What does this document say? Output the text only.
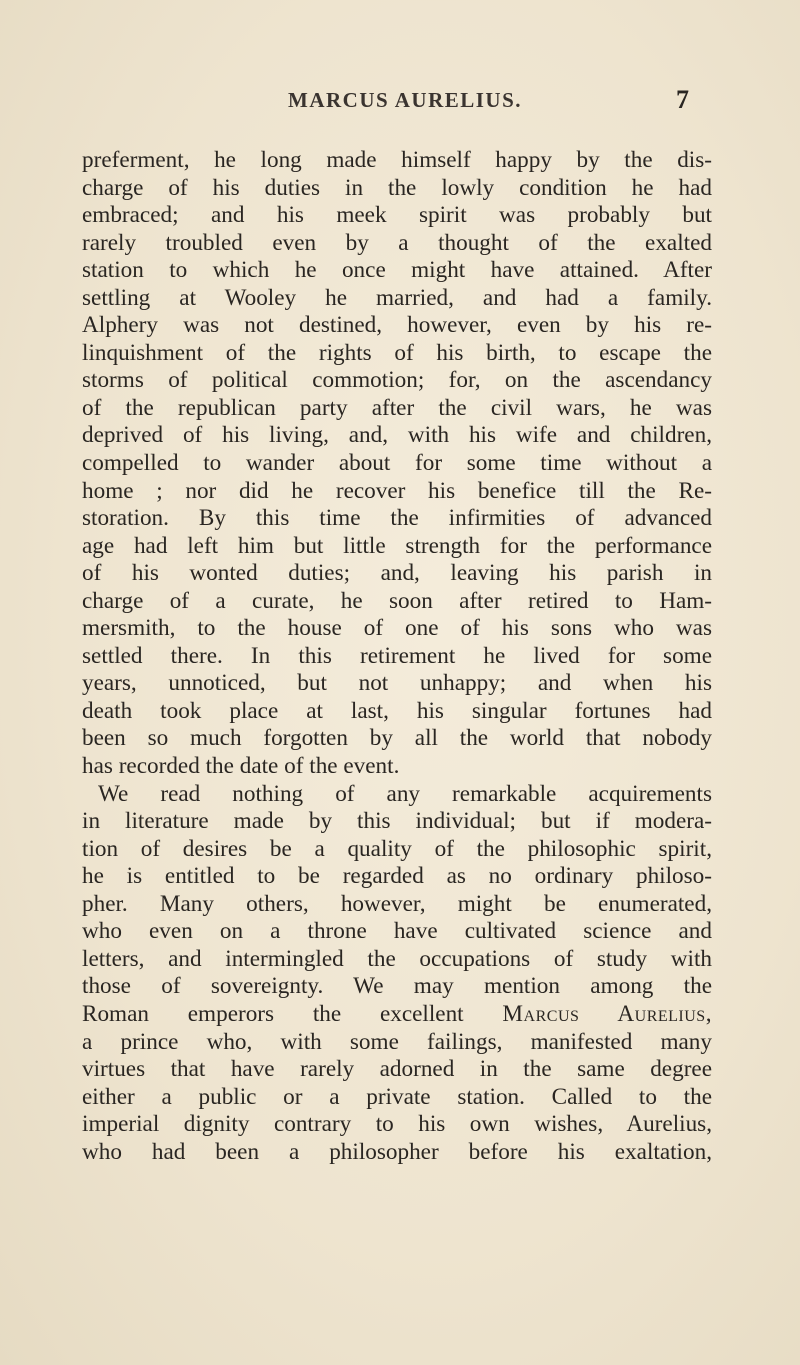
MARCUS AURELIUS.	7
preferment, he long made himself happy by the dis-
charge of his duties in the lowly condition he had
embraced; and his meek spirit was probably but
rarely troubled even by a thought of the exalted
station to which he once might have attained. After
settling at Wooley he married, and had a family.
Alphery was not destined, however, even by his re-
linquishment of the rights of his birth, to escape the
storms of political commotion; for, on the ascendancy
of the republican party after the civil wars, he was
deprived of his living, and, with his wife and children,
compelled to wander about for some time without a
home ; nor did he recover his benefice till the Re-
storation. By this time the infirmities of advanced
age had left him but little strength for the performance
of his wonted duties; and, leaving his parish in
charge of a curate, he soon after retired to Ham-
mersmith, to the house of one of his sons who was
settled there. In this retirement he lived for some
years, unnoticed, but not unhappy; and when his
death took place at last, his singular fortunes had
been so much forgotten by all the world that nobody
has recorded the date of the event.
We read nothing of any remarkable acquirements
in literature made by this individual; but if modera-
tion of desires be a quality of the philosophic spirit,
he is entitled to be regarded as no ordinary philoso-
pher. Many others, however, might be enumerated,
who even on a throne have cultivated science and
letters, and intermingled the occupations of study with
those of sovereignty. We may mention among the
Roman emperors the excellent Marcus Aurelius,
a prince who, with some failings, manifested many
virtues that have rarely adorned in the same degree
either a public or a private station. Called to the
imperial dignity contrary to his own wishes, Aurelius,
who had been a philosopher before his exaltation,
